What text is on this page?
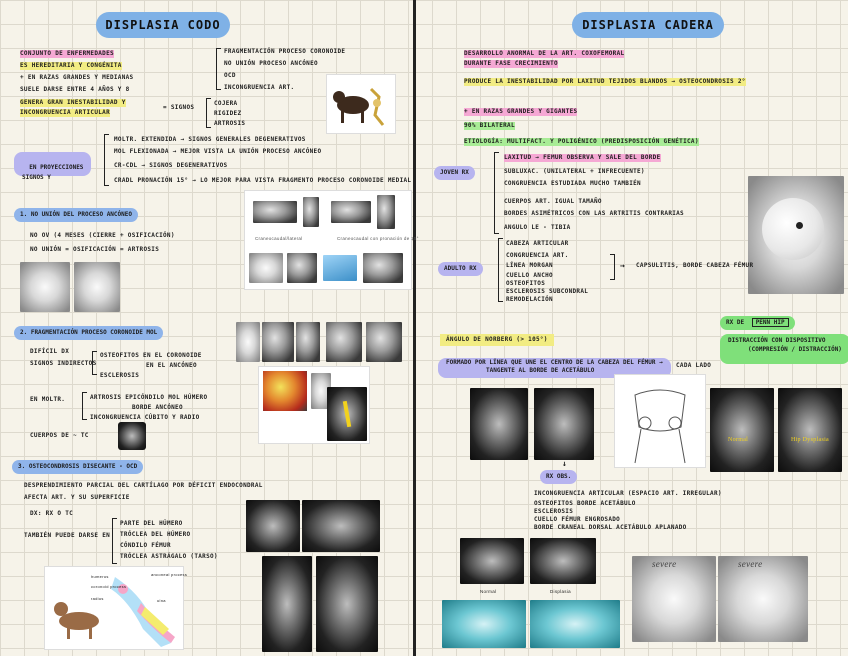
DISPLASIA CODO
CONJUNTO DE ENFERMEDADES
ES HEREDITARIA Y CONGÉNITA
+ EN RAZAS GRANDES Y MEDIANAS
SUELE DARSE ENTRE 4 AÑOS Y 8
GENERA GRAN INESTABILIDAD Y
INCONGRUENCIA ARTICULAR
FRAGMENTACIÓN PROCESO CORONOIDE
NO UNIÓN PROCESO ANCÓNEO
OCD
INCONGRUENCIA ART.
= SIGNOS
COJERA
RIGIDEZ
ARTROSIS

EN PROYECCIONES
SIGNOS Y

MOLTR. EXTENDIDA → SIGNOS GENERALES DEGENERATIVOS
MOL FLEXIONADA → MEJOR VISTA LA UNIÓN PROCESO ANCÓNEO
CR-CDL → SIGNOS DEGENERATIVOS
CRADL PRONACIÓN 15° → LO MEJOR PARA VISTA FRAGMENTO PROCESO CORONOIDE MEDIAL
1. NO UNIÓN DEL PROCESO ANCÓNEO
NO OV (4 MESES (CIERRE + OSIFICACIÓN)
NO UNIÓN = OSIFICACIÓN = ARTROSIS
Craneocaudal/lateral	Craneocaudal con pronación de 15°
2. FRAGMENTACIÓN PROCESO CORONOIDE MOL
DIFÍCIL DX
SIGNOS INDIRECTOS
OSTEOFITOS EN EL CORONOIDE
EN EL ANCÓNEO
ESCLEROSIS
EN MOLTR.	ARTROSIS EPICÓNDILO MOL HÚMERO
BORDE ANCÓNEO
INCONGRUENCIA CÚBITO Y RADIO
CUERPOS DE ~ TC
3. OSTEOCONDROSIS DISECANTE - OCD
DESPRENDIMIENTO PARCIAL DEL CARTÍLAGO POR DÉFICIT ENDOCONDRAL
AFECTA ART. Y SU SUPERFICIE
DX: RX O TC
TAMBIÉN PUEDE DARSE EN
PARTE DEL HÚMERO
TRÓCLEA DEL HÚMERO
CÓNDILO FÉMUR
TRÓCLEA ASTRÁGALO (TARSO)
humerus
coronoid process
radius	ulna
anconeal process
DISPLASIA CADERA
DESARROLLO ANORMAL DE LA ART. COXOFEMORAL
DURANTE FASE CRECIMIENTO
PRODUCE LA INESTABILIDAD POR LAXITUD TEJIDOS BLANDOS → OSTEOCONDROSIS 2°
+ EN RAZAS GRANDES Y GIGANTES
90% BILATERAL
ETIOLOGÍA: MULTIFACT. Y POLIGÉNICO (PREDISPOSICIÓN GENÉTICA)
JOVEN RX
LAXITUD → FEMUR OBSERVA Y SALE DEL BORDE
SUBLUXAC. (UNILATERAL + INFRECUENTE)
CONGRUENCIA ESTUDIADA MUCHO TAMBIÉN
CUERPOS ART. IGUAL TAMAÑO
BORDES ASIMÉTRICOS CON LAS ARTRITIS CONTRARIAS
ANGULO LE - TIBIA
ADULTO RX
CABEZA ARTICULAR
CONGRUENCIA ART.
LÍNEA MORGAN
CUELLO ANCHO
OSTEOFITOS
ESCLEROSIS SUBCONDRAL
REMODELACIÓN
→ CAPSULITIS, BORDE CABEZA FÉMUR
ÁNGULO DE NORBERG (> 105°)
FORMADO POR LÍNEA QUE UNE EL CENTRO DE LA CABEZA DEL FÉMUR →
TANGENTE AL BORDE DE ACETÁBULO
CADA LADO
RX DE PENN HIP
DISTRACCIÓN CON DISPOSITIVO
(COMPRESIÓN / DISTRACCIÓN)
Normal	Hip Dysplasia
RX OBS.
↓
INCONGRUENCIA ARTICULAR (ESPACIO ART. IRREGULAR)
OSTEOFITOS BORDE ACETÁBULO
ESCLEROSIS
CUELLO FÉMUR ENGROSADO
BORDE CRANEAL DORSAL ACETÁBULO APLANADO
Normal	Displasia
severe	severe
